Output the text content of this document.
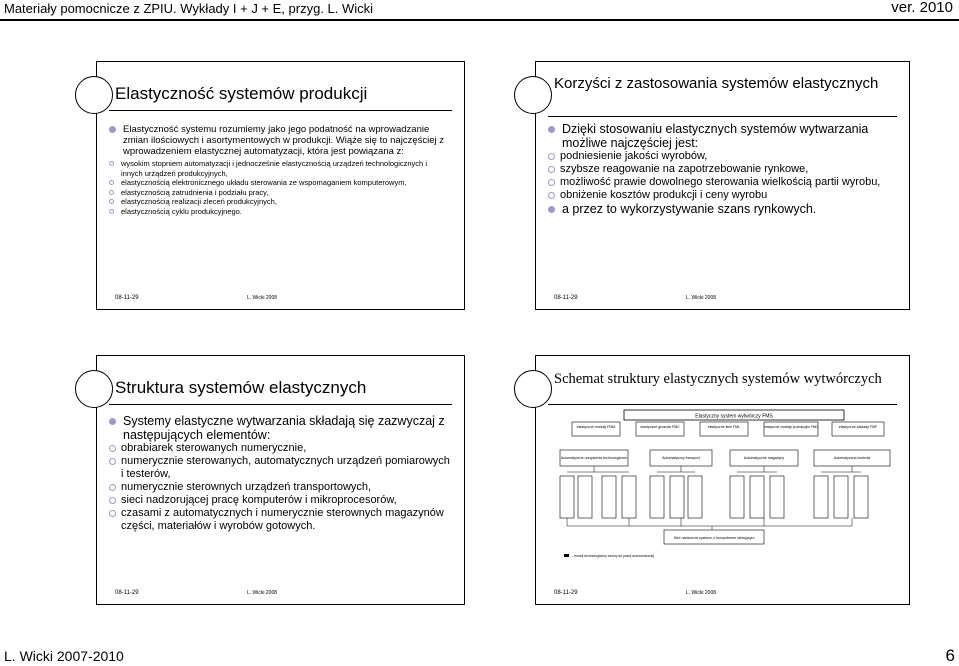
Materiały pomocnicze z ZPIU. Wykłady I + J + E, przyg. L. Wicki	ver. 2010
Elastyczność systemów produkcji
Elastyczność systemu rozumiemy jako jego podatność na wprowadzanie zmian ilościowych i asortymentowych w produkcji. Wiąże się to najczęściej z wprowadzeniem elastycznej automatyzacji, która jest powiązana z:
wysokim stopniem automatyzacji i jednocześnie elastycznością urządzeń technologicznych i innych urządzeń produkcyjnych,
elastycznością elektronicznego układu sterowania ze wspomaganiem komputerowym,
elastycznością zatrudnienia i podziału pracy,
elastycznością realizacji zleceń produkcyjnych,
elastycznością cyklu produkcyjnego.
08-11-29	L. Wicki 2008
Korzyści z zastosowania systemów elastycznych
Dzięki stosowaniu elastycznych systemów wytwarzania możliwe najczęściej jest:
podniesienie jakości wyrobów,
szybsze reagowanie na zapotrzebowanie rynkowe,
możliwość prawie dowolnego sterowania wielkością partii wyrobu,
obniżenie kosztów produkcji i ceny wyrobu
a przez to wykorzystywanie szans rynkowych.
08-11-29	L. Wicki 2008
Struktura systemów elastycznych
Systemy elastyczne wytwarzania składają się zazwyczaj z następujących elementów:
obrabiarek sterowanych numerycznie,
numerycznie sterowanych, automatycznych urządzeń pomiarowych i testerów,
numerycznie sterownych urządzeń transportowych,
sieci nadzorującej pracę komputerów i mikroprocesorów,
czasami z automatycznych i numerycznie sterownych magazynów części, materiałów i wyrobów gotowych.
08-11-29	L. Wicki 2008
Schemat struktury elastycznych systemów wytwórczych
Elastyczny system wytwórczy FMS
elastyczne moduły FMM	elastyczne gniazda FMC	elastyczne linie FML	elastyczne oddziały produkcyjne FMD	elastyczne zakłady FMF
Automatyczne urządzenia technologiczne	Automatyczny transport	Automatyczne magazyny	Automatyczna kontrola
Sieć nadzorcza systemu z komputerem sterującym
- moduł technologiczny zdolny do pracy autonomicznej
08-11-29	L. Wicki 2008
L. Wicki 2007-2010	6
